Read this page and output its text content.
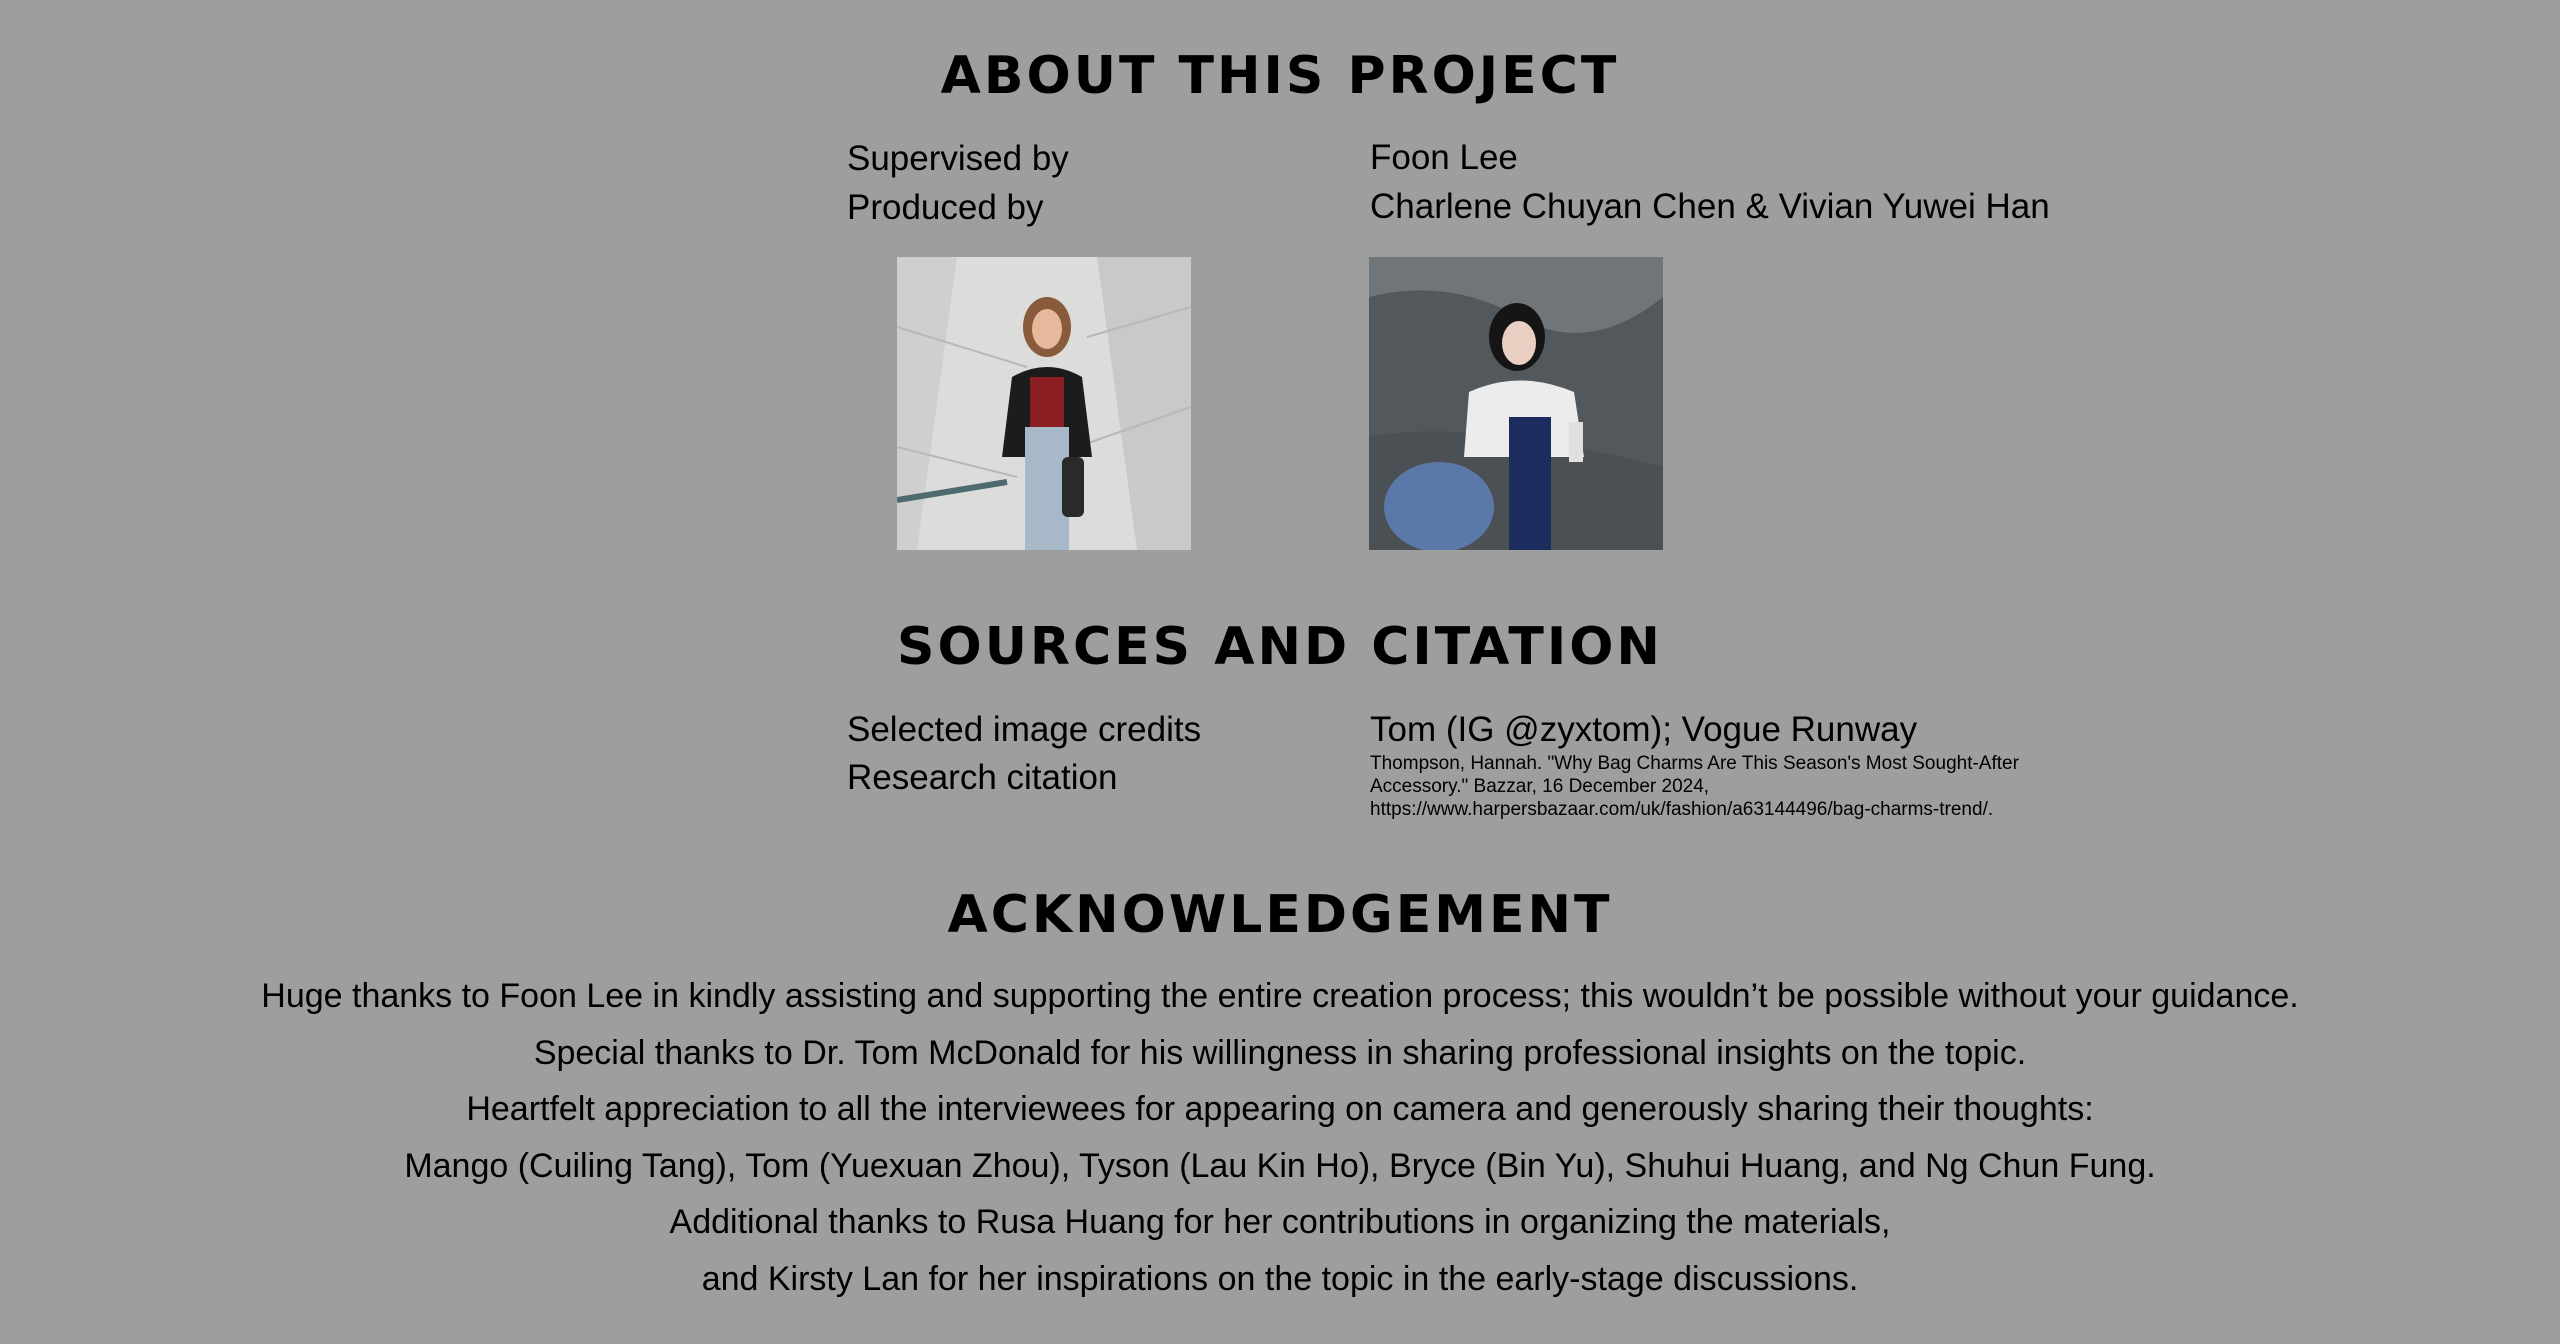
ABOUT THIS PROJECT
Supervised by	Foon Lee
Produced by	Charlene Chuyan Chen & Vivian Yuwei Han
SOURCES AND CITATION
Selected image credits	Tom (IG @zyxtom); Vogue Runway
Research citation	Thompson, Hannah. "Why Bag Charms Are This Season's Most Sought-After
Accessory." Bazzar, 16 December 2024,
https://www.harpersbazaar.com/uk/fashion/a63144496/bag-charms-trend/.
ACKNOWLEDGEMENT
Huge thanks to Foon Lee in kindly assisting and supporting the entire creation process; this wouldn’t be possible without your guidance.
Special thanks to Dr. Tom McDonald for his willingness in sharing professional insights on the topic.
Heartfelt appreciation to all the interviewees for appearing on camera and generously sharing their thoughts:
Mango (Cuiling Tang), Tom (Yuexuan Zhou), Tyson (Lau Kin Ho), Bryce (Bin Yu), Shuhui Huang, and Ng Chun Fung.
Additional thanks to Rusa Huang for her contributions in organizing the materials,
and Kirsty Lan for her inspirations on the topic in the early-stage discussions.
